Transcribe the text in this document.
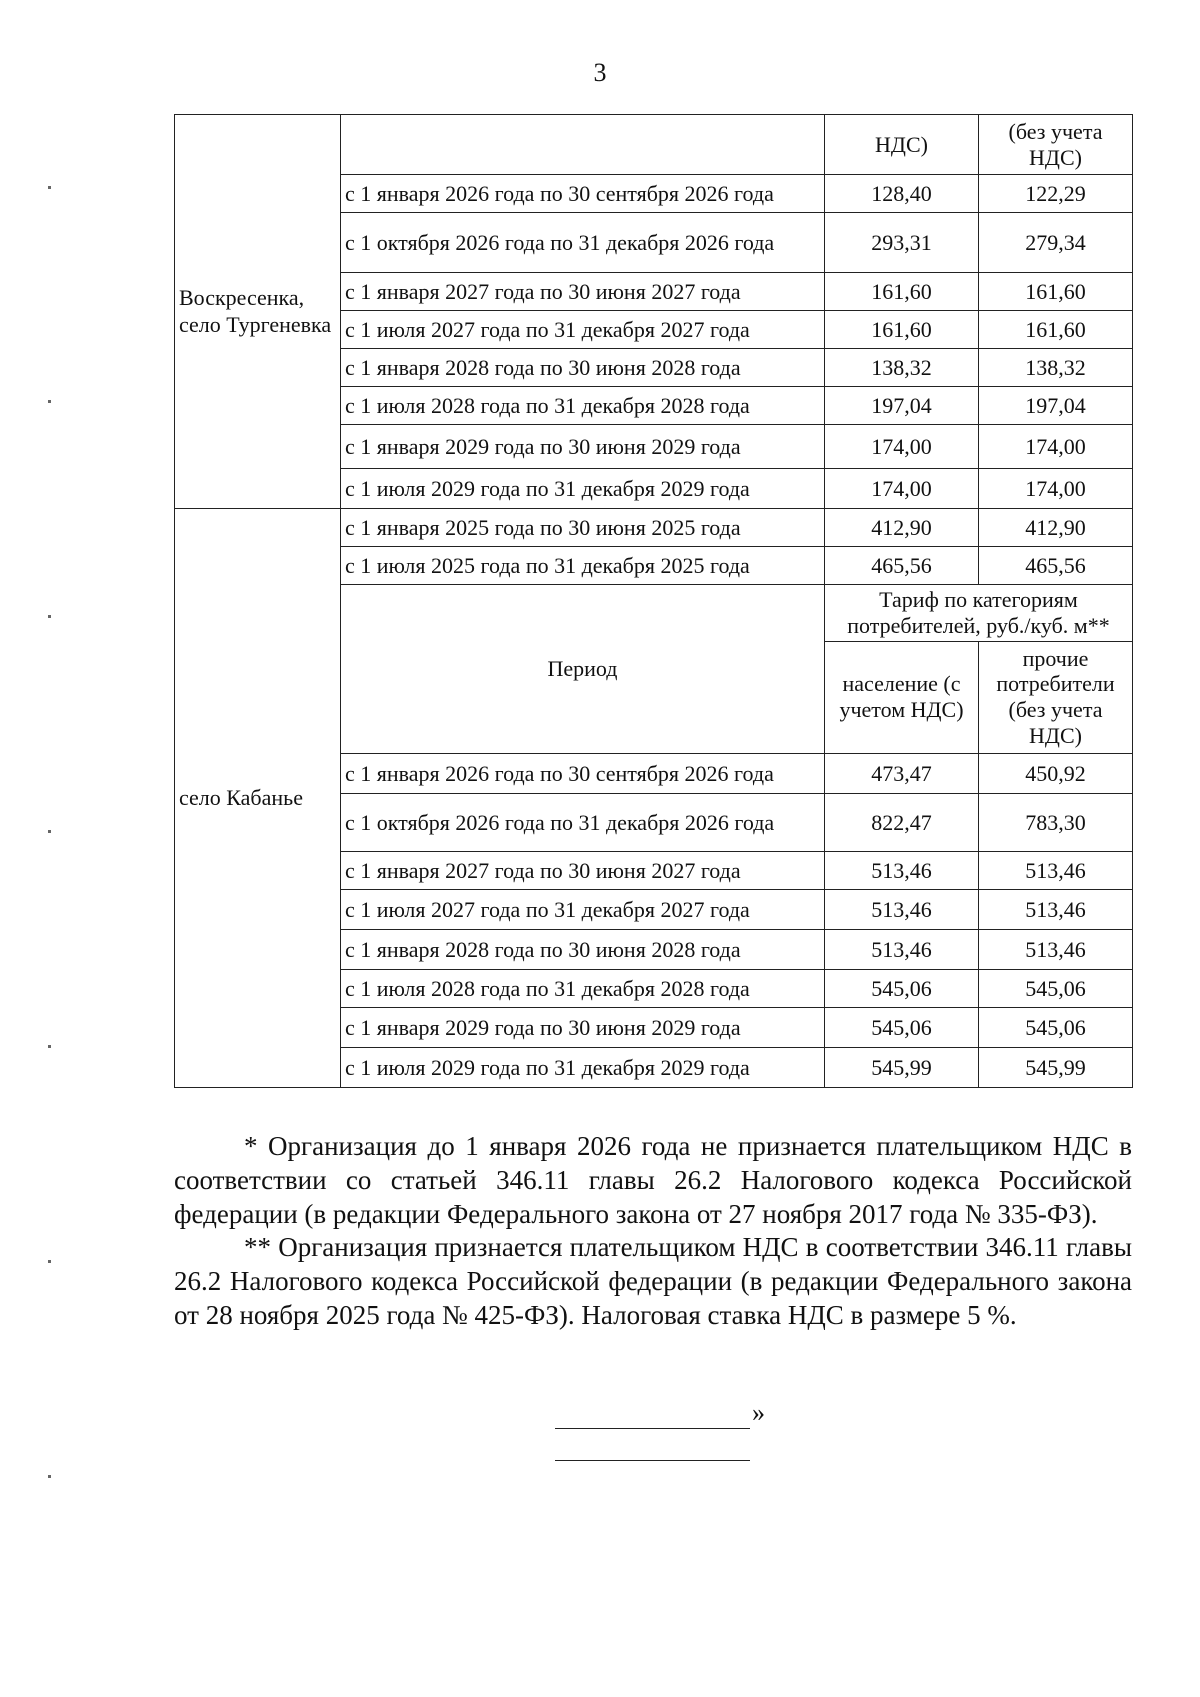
3
Воскресенка, село Тургеневка		НДС)	(без учета НДС)
	с 1 января 2026 года по 30 сентября 2026 года	128,40	122,29
	с 1 октября 2026 года по 31 декабря 2026 года	293,31	279,34
	с 1 января 2027 года по 30 июня 2027 года	161,60	161,60
	с 1 июля 2027 года по 31 декабря 2027 года	161,60	161,60
	с 1 января 2028 года по 30 июня 2028 года	138,32	138,32
	с 1 июля 2028 года по 31 декабря 2028 года	197,04	197,04
	с 1 января 2029 года по 30 июня 2029 года	174,00	174,00
	с 1 июля 2029 года по 31 декабря 2029 года	174,00	174,00
село Кабанье	с 1 января 2025 года по 30 июня 2025 года	412,90	412,90
	с 1 июля 2025 года по 31 декабря 2025 года	465,56	465,56
	Период	Тариф по категориям потребителей, руб./куб. м**	
		население (с учетом НДС)	прочие потребители (без учета НДС)
	с 1 января 2026 года по 30 сентября 2026 года	473,47	450,92
	с 1 октября 2026 года по 31 декабря 2026 года	822,47	783,30
	с 1 января 2027 года по 30 июня 2027 года	513,46	513,46
	с 1 июля 2027 года по 31 декабря 2027 года	513,46	513,46
	с 1 января 2028 года по 30 июня 2028 года	513,46	513,46
	с 1 июля 2028 года по 31 декабря 2028 года	545,06	545,06
	с 1 января 2029 года по 30 июня 2029 года	545,06	545,06
	с 1 июля 2029 года по 31 декабря 2029 года	545,99	545,99

* Организация до 1 января 2026 года не признается плательщиком НДС в соответствии со статьей 346.11 главы 26.2 Налогового кодекса Российской федерации (в редакции Федерального закона от 27 ноября 2017 года № 335-ФЗ).

** Организация признается плательщиком НДС в соответствии 346.11 главы 26.2 Налогового кодекса Российской федерации (в редакции Федерального закона от 28 ноября 2025 года № 425-ФЗ). Налоговая ставка НДС в размере 5 %.

»
